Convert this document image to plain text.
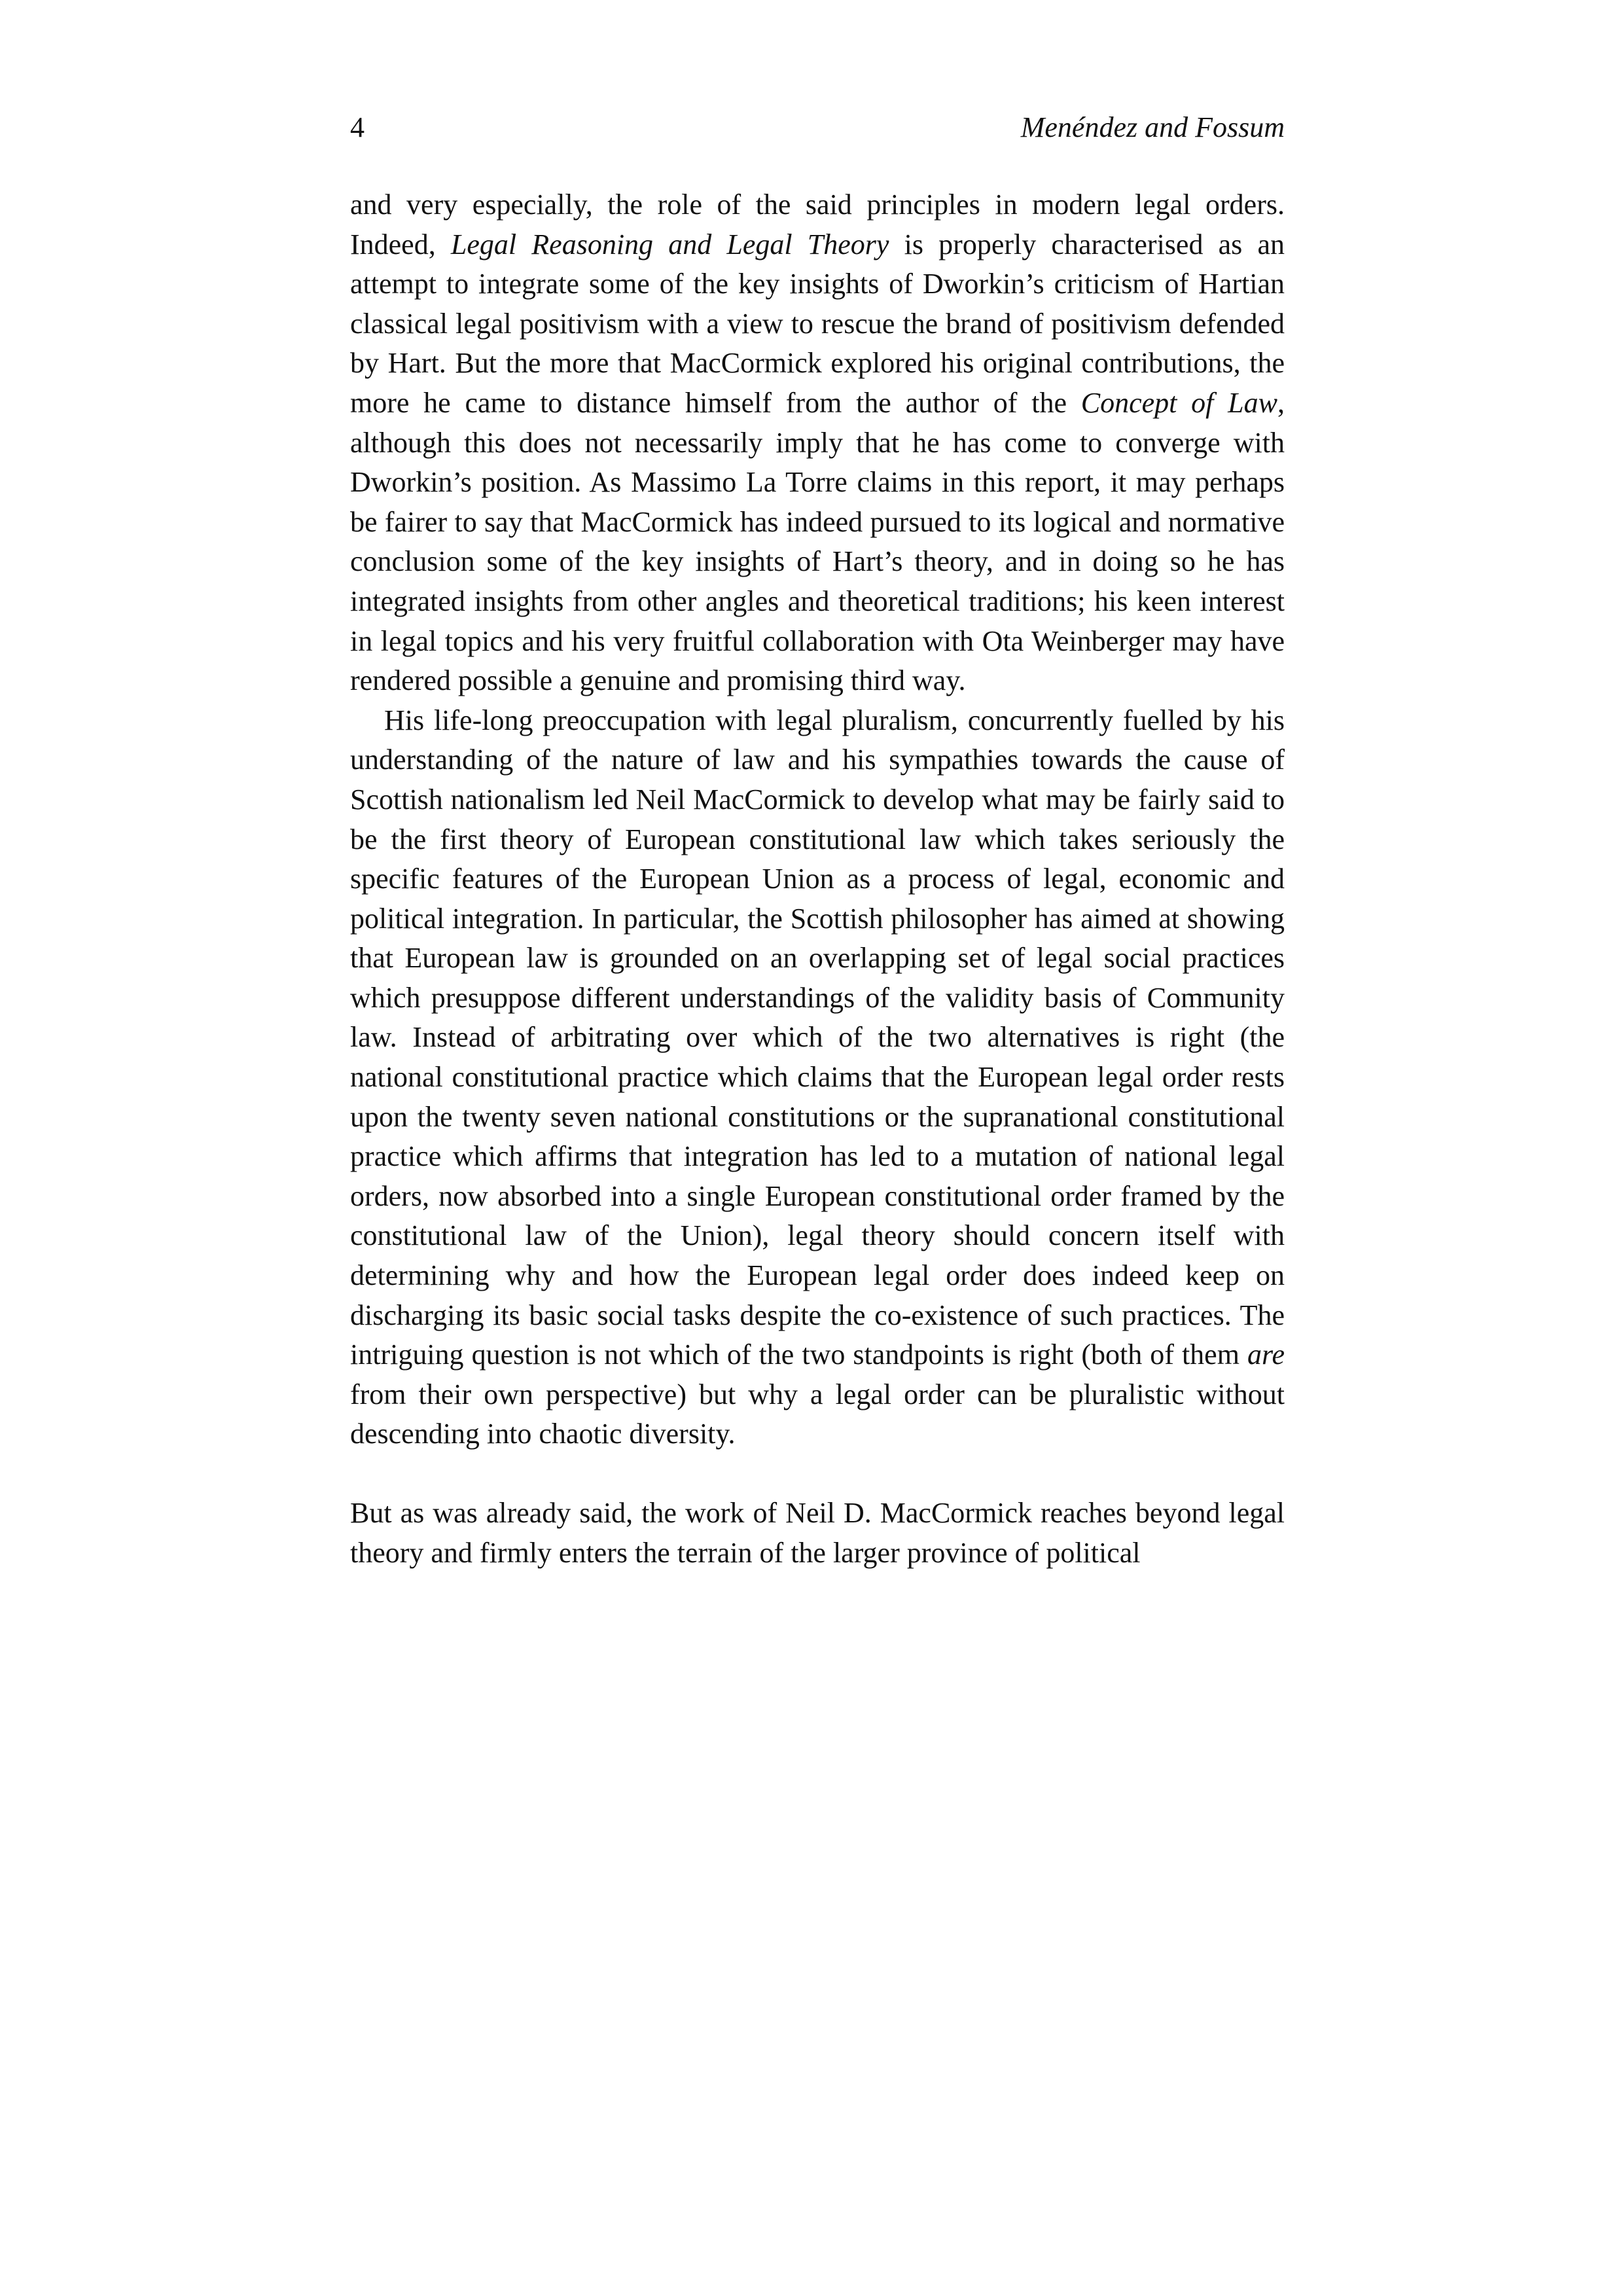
4	Menéndez and Fossum

and very especially, the role of the said principles in modern legal orders. Indeed, Legal Reasoning and Legal Theory is properly characterised as an attempt to integrate some of the key insights of Dworkin’s criticism of Hartian classical legal positivism with a view to rescue the brand of positivism defended by Hart. But the more that MacCormick explored his original contributions, the more he came to distance himself from the author of the Concept of Law, although this does not necessarily imply that he has come to converge with Dworkin’s position. As Massimo La Torre claims in this report, it may perhaps be fairer to say that MacCormick has indeed pursued to its logical and normative conclusion some of the key insights of Hart’s theory, and in doing so he has integrated insights from other angles and theoretical traditions; his keen interest in legal topics and his very fruitful collaboration with Ota Weinberger may have rendered possible a genuine and promising third way.

His life-long preoccupation with legal pluralism, concurrently fuelled by his understanding of the nature of law and his sympathies towards the cause of Scottish nationalism led Neil MacCormick to develop what may be fairly said to be the first theory of European constitutional law which takes seriously the specific features of the European Union as a process of legal, economic and political integration. In particular, the Scottish philosopher has aimed at showing that European law is grounded on an overlapping set of legal social practices which presuppose different understandings of the validity basis of Community law. Instead of arbitrating over which of the two alternatives is right (the national constitutional practice which claims that the European legal order rests upon the twenty seven national constitutions or the supranational constitutional practice which affirms that integration has led to a mutation of national legal orders, now absorbed into a single European constitutional order framed by the constitutional law of the Union), legal theory should concern itself with determining why and how the European legal order does indeed keep on discharging its basic social tasks despite the co-existence of such practices. The intriguing question is not which of the two standpoints is right (both of them are from their own perspective) but why a legal order can be pluralistic without descending into chaotic diversity.

But as was already said, the work of Neil D. MacCormick reaches beyond legal theory and firmly enters the terrain of the larger province of political
